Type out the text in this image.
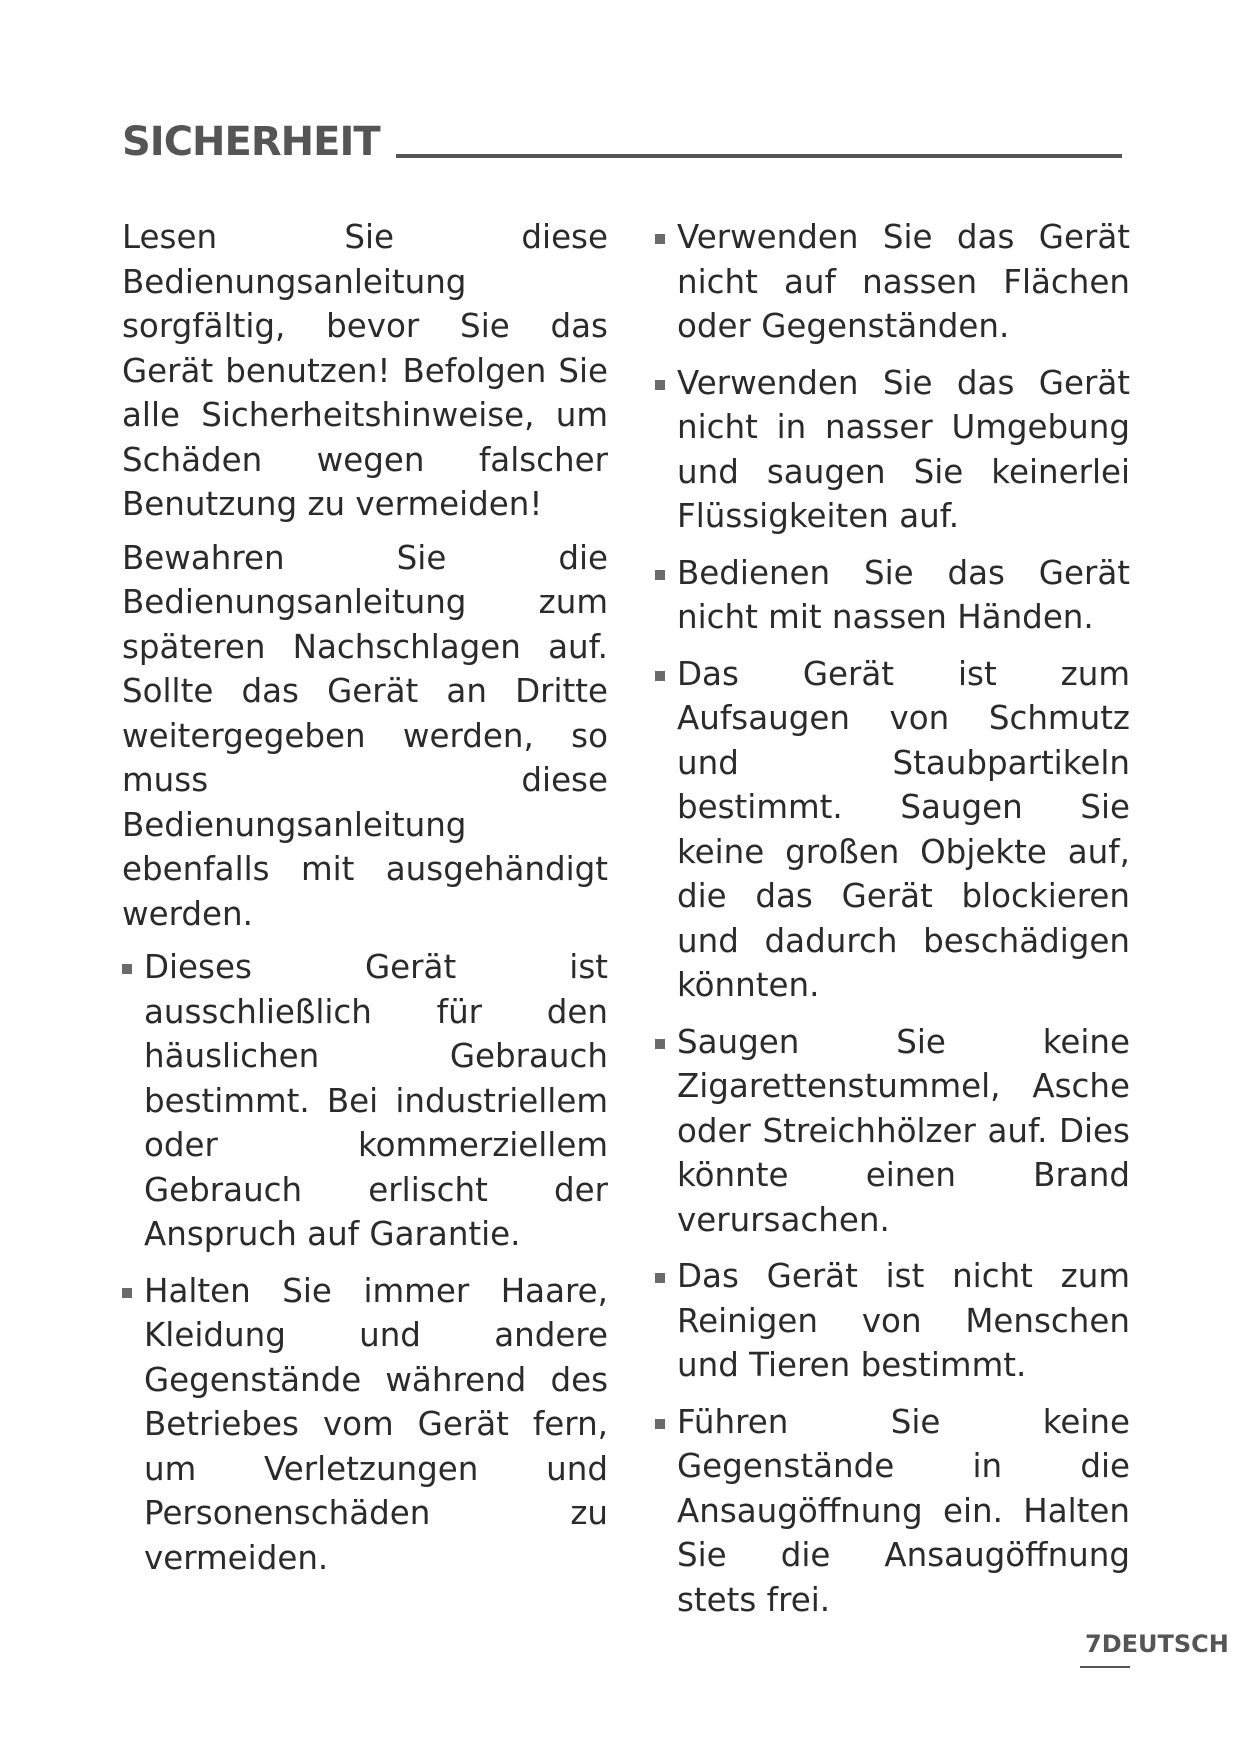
SICHERHEIT

Lesen Sie diese Bedienungsanleitung sorgfältig, bevor Sie das Gerät benutzen! Befolgen Sie alle Sicherheitshinweise, um Schäden wegen falscher Benutzung zu vermeiden!

Bewahren Sie die Bedienungsanleitung zum späteren Nachschlagen auf. Sollte das Gerät an Dritte weitergegeben werden, so muss diese Bedienungsanleitung ebenfalls mit ausgehändigt werden.

Dieses Gerät ist ausschließlich für den häuslichen Gebrauch bestimmt. Bei industriellem oder kommerziellem Gebrauch erlischt der Anspruch auf Garantie.
Halten Sie immer Haare, Kleidung und andere Gegenstände während des Betriebes vom Gerät fern, um Verletzungen und Personenschäden zu vermeiden.
Verwenden Sie das Gerät nicht auf nassen Flächen oder Gegenständen.
Verwenden Sie das Gerät nicht in nasser Umgebung und saugen Sie keinerlei Flüssigkeiten auf.
Bedienen Sie das Gerät nicht mit nassen Händen.
Das Gerät ist zum Aufsaugen von Schmutz und Staubpartikeln bestimmt. Saugen Sie keine großen Objekte auf, die das Gerät blockieren und dadurch beschädigen könnten.
Saugen Sie keine Zigarettenstummel, Asche oder Streichhölzer auf. Dies könnte einen Brand verursachen.
Das Gerät ist nicht zum Reinigen von Menschen und Tieren bestimmt.
Führen Sie keine Gegenstände in die Ansaugöffnung ein. Halten Sie die Ansaugöffnung stets frei.
7DEUTSCH
